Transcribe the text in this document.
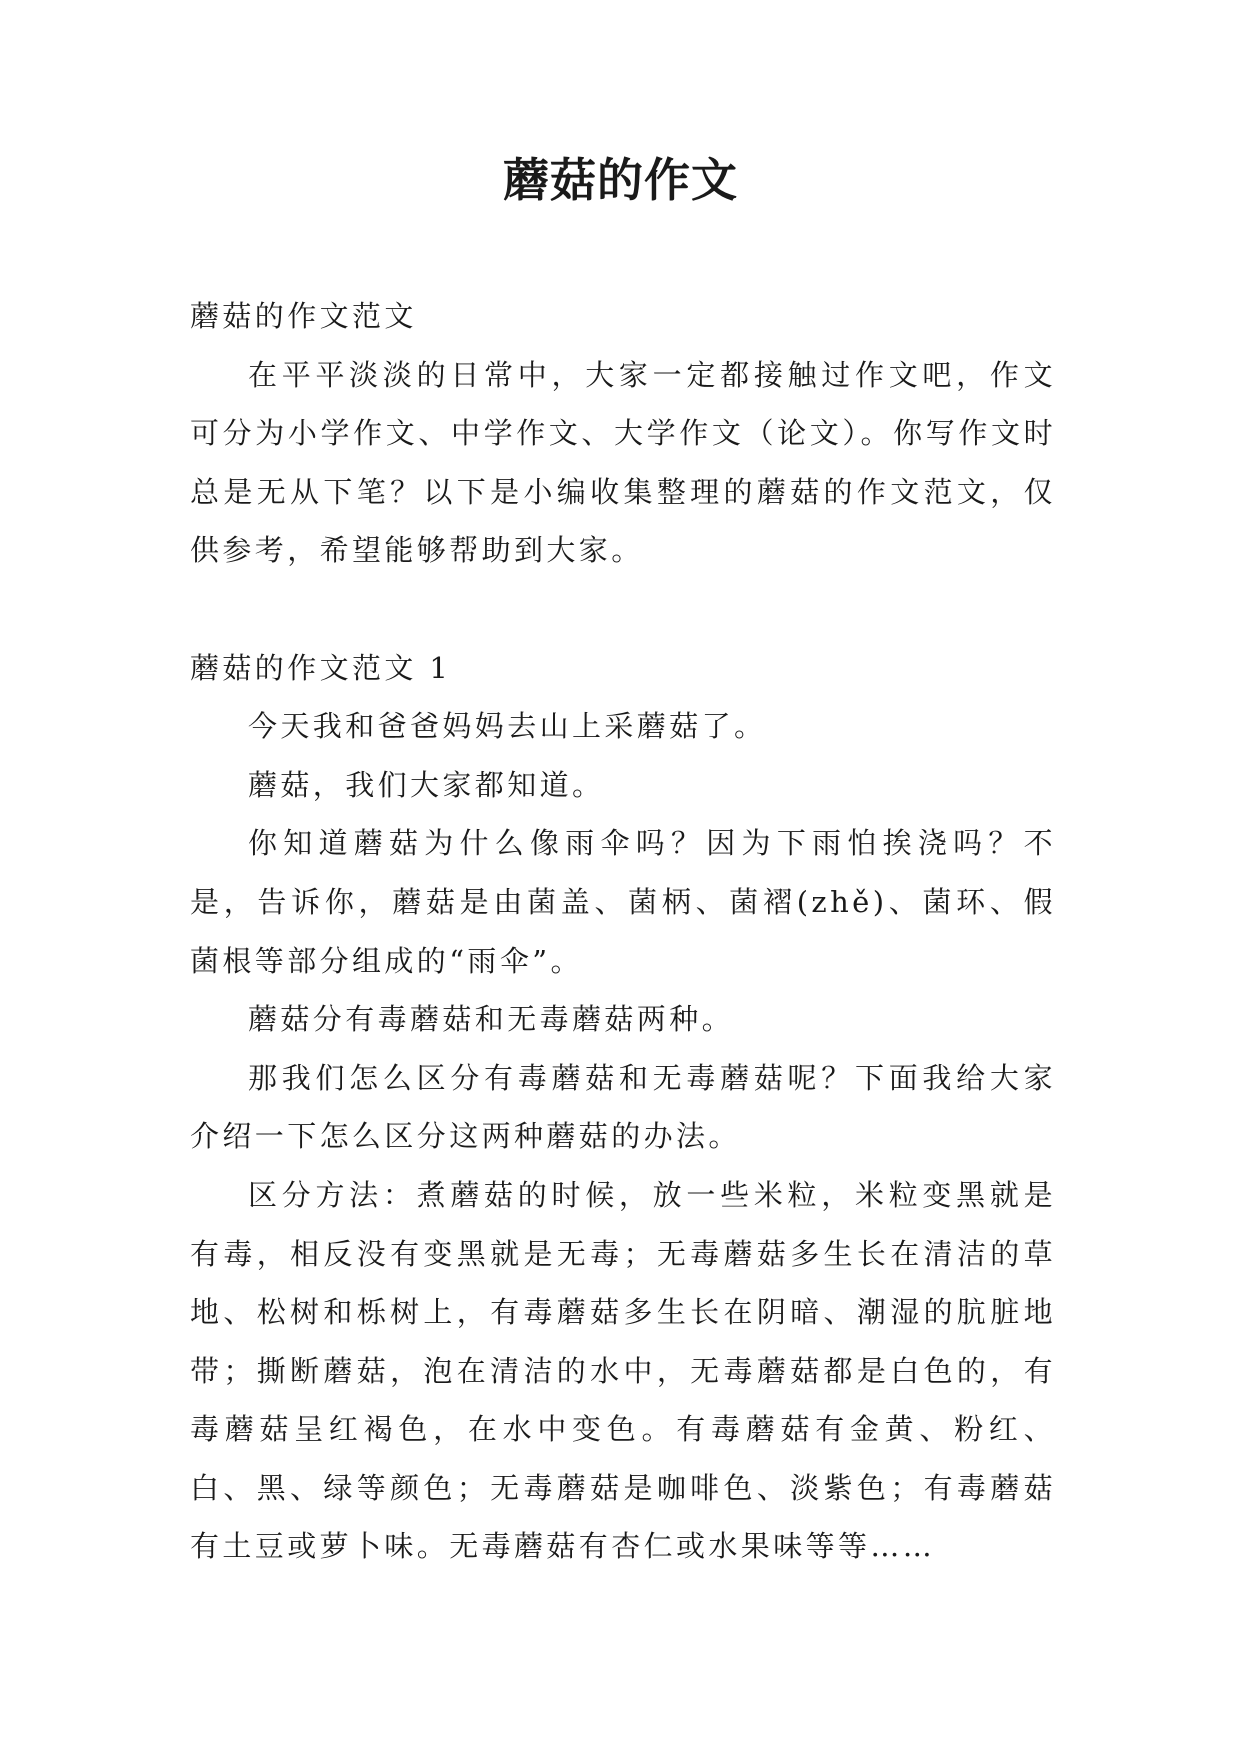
蘑菇的作文

蘑菇的作文范文

在平平淡淡的日常中，大家一定都接触过作文吧，作文可分为小学作文、中学作文、大学作文（论文）。你写作文时总是无从下笔？以下是小编收集整理的蘑菇的作文范文，仅供参考，希望能够帮助到大家。

蘑菇的作文范文 1

今天我和爸爸妈妈去山上采蘑菇了。

蘑菇，我们大家都知道。

你知道蘑菇为什么像雨伞吗？因为下雨怕挨浇吗？不是，告诉你，蘑菇是由菌盖、菌柄、菌褶(zhě)、菌环、假菌根等部分组成的“雨伞”。

蘑菇分有毒蘑菇和无毒蘑菇两种。

那我们怎么区分有毒蘑菇和无毒蘑菇呢？下面我给大家介绍一下怎么区分这两种蘑菇的办法。

区分方法：煮蘑菇的时候，放一些米粒，米粒变黑就是有毒，相反没有变黑就是无毒；无毒蘑菇多生长在清洁的草地、松树和栎树上，有毒蘑菇多生长在阴暗、潮湿的肮脏地带；撕断蘑菇，泡在清洁的水中，无毒蘑菇都是白色的，有毒蘑菇呈红褐色，在水中变色。有毒蘑菇有金黄、粉红、白、黑、绿等颜色；无毒蘑菇是咖啡色、淡紫色；有毒蘑菇有土豆或萝卜味。无毒蘑菇有杏仁或水果味等等……
